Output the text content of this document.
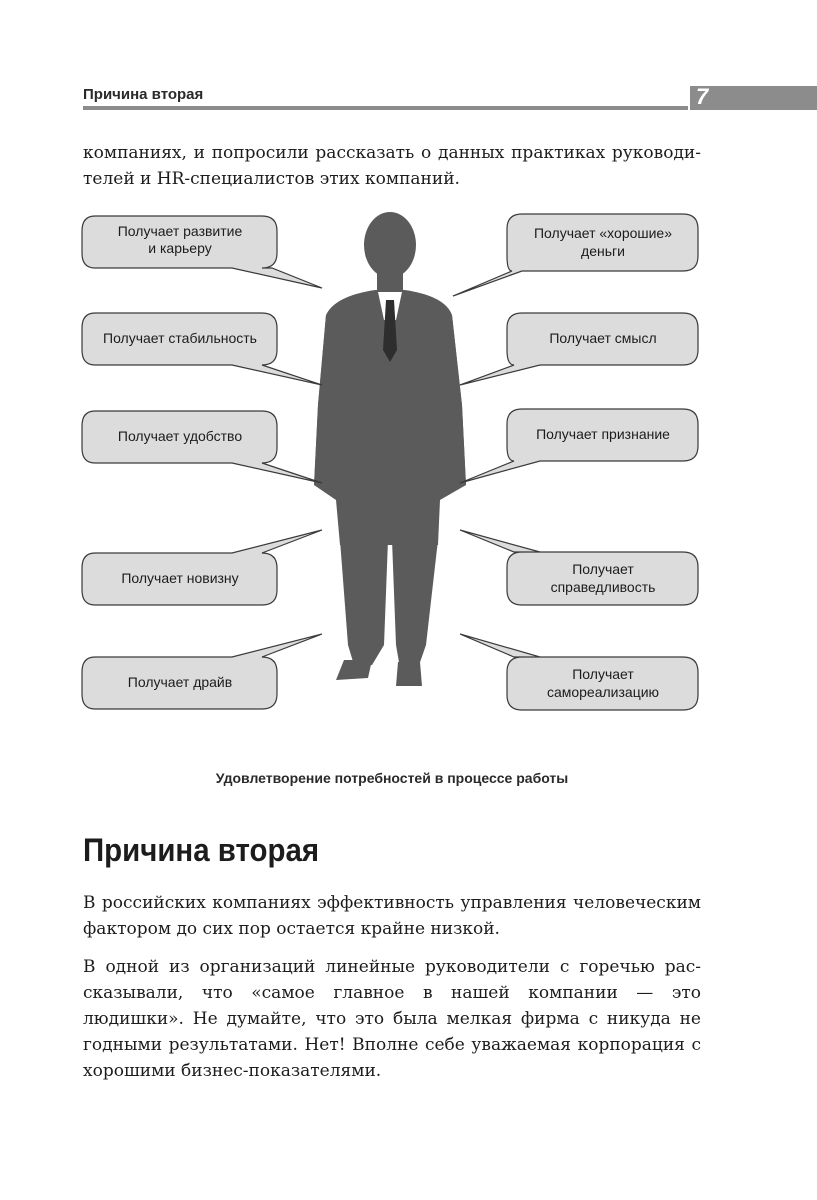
Причина вторая	7

компаниях, и попросили рассказать о данных практиках руководителей и HR-специалистов этих компаний.

Получает развитие
и карьеру
Получает стабильность
Получает удобство
Получает новизну
Получает драйв
Получает «хорошие»
деньги
Получает смысл
Получает признание
Получает
справедливость
Получает
самореализацию
Удовлетворение потребностей в процессе работы
Причина вторая

В российских компаниях эффективность управления человеческим фактором до сих пор остается крайне низкой.

В одной из организаций линейные руководители с горечью рассказывали, что «самое главное в нашей компании — это людишки». Не думайте, что это была мелкая фирма с никуда не годными результатами. Нет! Вполне себе уважаемая корпорация с хорошими бизнес-показателями.
